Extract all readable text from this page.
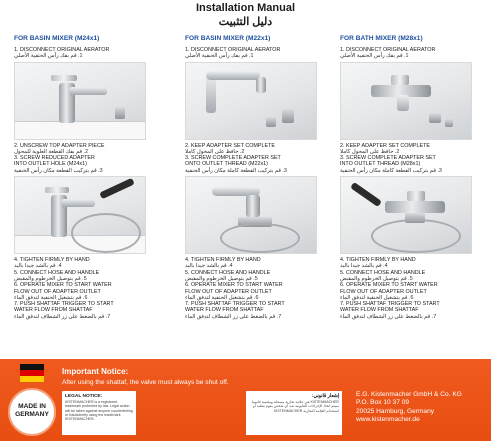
Installation Manual
دليل التثبيت
FOR BASIN MIXER (M24x1)
1. DISCONNECT ORIGINAL AERATOR
1. قم بفك رأس الحنفية الأصلي
2. UNSCREW TOP ADAPTER PIECE
2. قم بفك القطعة العلوية للمحول
3. SCREW REDUCED ADAPTER
INTO OUTLET HOLE (M24x1)
3. قم بتركيب القطعة مكان رأس الحنفية
4. TIGHTEN FIRMLY BY HAND
4. قم بالشد جيدا باليد
5. CONNECT HOSE AND HANDLE
5. قم بتوصيل الخرطوم والمقبض
6. OPERATE MIXER TO START WATER
FLOW OUT OF ADAPTER OUTLET
6. قم بتشغيل الحنفية لتدفق الماء
7. PUSH SHATTAF TRIGGER TO START
WATER FLOW FROM SHATTAF
7. قم بالضغط على زر الشطاف لتدفق الماء
FOR BASIN MIXER (M22x1)
1. DISCONNECT ORIGINAL AERATOR
1. قم بفك رأس الحنفية الأصلي
2. KEEP ADAPTER SET COMPLETE
2. حافظ على المحول كاملا
3. SCREW COMPLETE ADAPTER SET
ONTO OUTLET THREAD (M22x1)
3. قم بتركيب القطعة كاملة مكان رأس الحنفية
4. TIGHTEN FIRMLY BY HAND
4. قم بالشد جيدا باليد
5. CONNECT HOSE AND HANDLE
5. قم بتوصيل الخرطوم والمقبض
6. OPERATE MIXER TO START WATER
FLOW OUT OF ADAPTER OUTLET
6. قم بتشغيل الحنفية لتدفق الماء
7. PUSH SHATTAF TRIGGER TO START
WATER FLOW FROM SHATTAF
7. قم بالضغط على زر الشطاف لتدفق الماء
FOR BATH MIXER (M28x1)
1. DISCONNECT ORIGINAL AERATOR
1. قم بفك رأس الحنفية الأصلي
2. KEEP ADAPTER SET COMPLETE
2. حافظ على المحول كاملا
3. SCREW COMPLETE ADAPTER SET
INTO OUTLET THREAD (M28x1)
3. قم بتركيب القطعة كاملة مكان رأس الحنفية
4. TIGHTEN FIRMLY BY HAND
4. قم بالشد جيدا باليد
5. CONNECT HOSE AND HANDLE
5. قم بتوصيل الخرطوم والمقبض
6. OPERATE MIXER TO START WATER
FLOW OUT OF ADAPTER OUTLET
6. قم بتشغيل الحنفية لتدفق الماء
7. PUSH SHATTAF TRIGGER TO START
WATER FLOW FROM SHATTAF
7. قم بالضغط على زر الشطاف لتدفق الماء
MADE IN
GERMANY
Important Notice:
After using the shattaf, the valve must always be shut off.
LEGAL NOTICE:
KISTENMACHER is a registered trademark protected by law. Legal action will be taken against anyone counterfeiting or fraudulently using the trademark KISTENMACHER.
إشعار قانوني:
KISTENMACHER هي علامة تجارية مسجلة ومحمية قانونيا. سيتم اتخاذ الإجراءات القانونية ضد أي شخص يقوم بتقليد أو استخدام العلامة التجارية KISTENMACHER
E.G. Kistenmacher GmbH & Co. KG
P.O. Box 10 37 09
20025 Hamburg, Germany
www.kistenmacher.de
